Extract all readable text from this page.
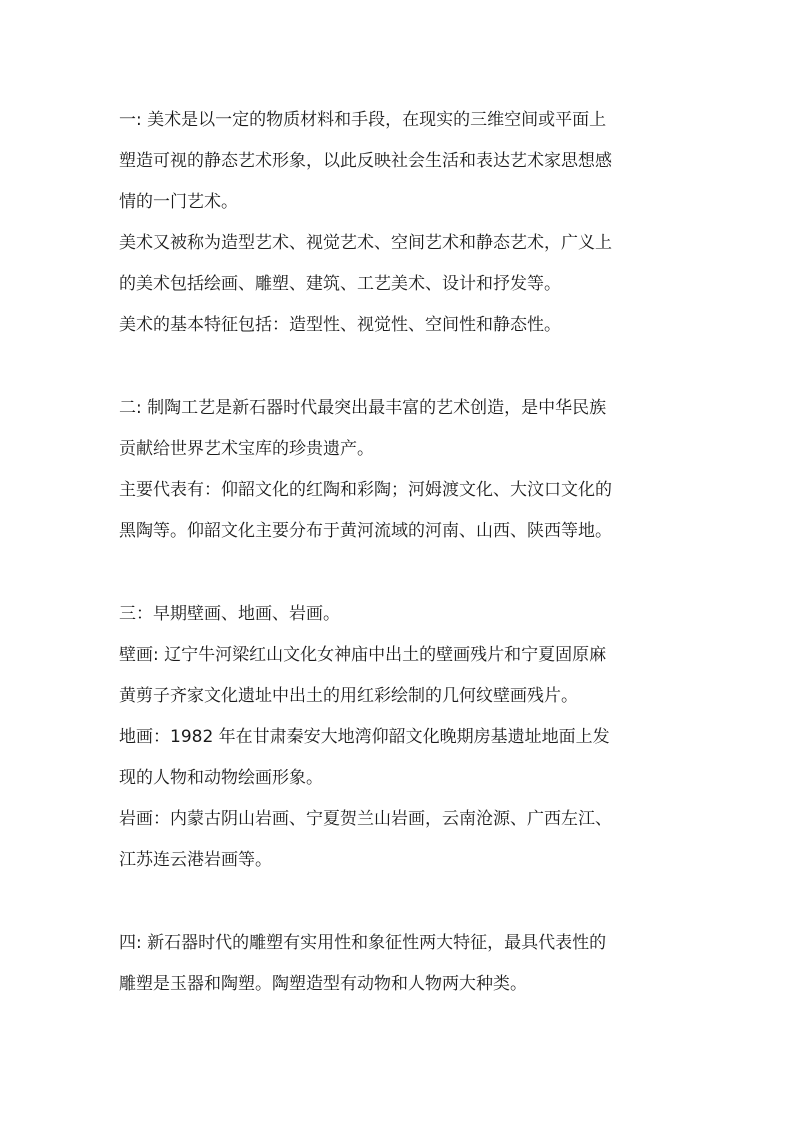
一: 美术是以一定的物质材料和手段，在现实的三维空间或平面上
塑造可视的静态艺术形象，以此反映社会生活和表达艺术家思想感
情的一门艺术。
美术又被称为造型艺术、视觉艺术、空间艺术和静态艺术，广义上
的美术包括绘画、雕塑、建筑、工艺美术、设计和抒发等。
美术的基本特征包括：造型性、视觉性、空间性和静态性。
二: 制陶工艺是新石器时代最突出最丰富的艺术创造，是中华民族
贡献给世界艺术宝库的珍贵遗产。
主要代表有：仰韶文化的红陶和彩陶；河姆渡文化、大汶口文化的
黑陶等。仰韶文化主要分布于黄河流域的河南、山西、陕西等地。
三：早期壁画、地画、岩画。
壁画: 辽宁牛河梁红山文化女神庙中出土的壁画残片和宁夏固原麻
黄剪子齐家文化遗址中出土的用红彩绘制的几何纹壁画残片。
地画：1982 年在甘肃秦安大地湾仰韶文化晚期房基遗址地面上发
现的人物和动物绘画形象。
岩画：内蒙古阴山岩画、宁夏贺兰山岩画，云南沧源、广西左江、
江苏连云港岩画等。
四: 新石器时代的雕塑有实用性和象征性两大特征，最具代表性的
雕塑是玉器和陶塑。陶塑造型有动物和人物两大种类。
